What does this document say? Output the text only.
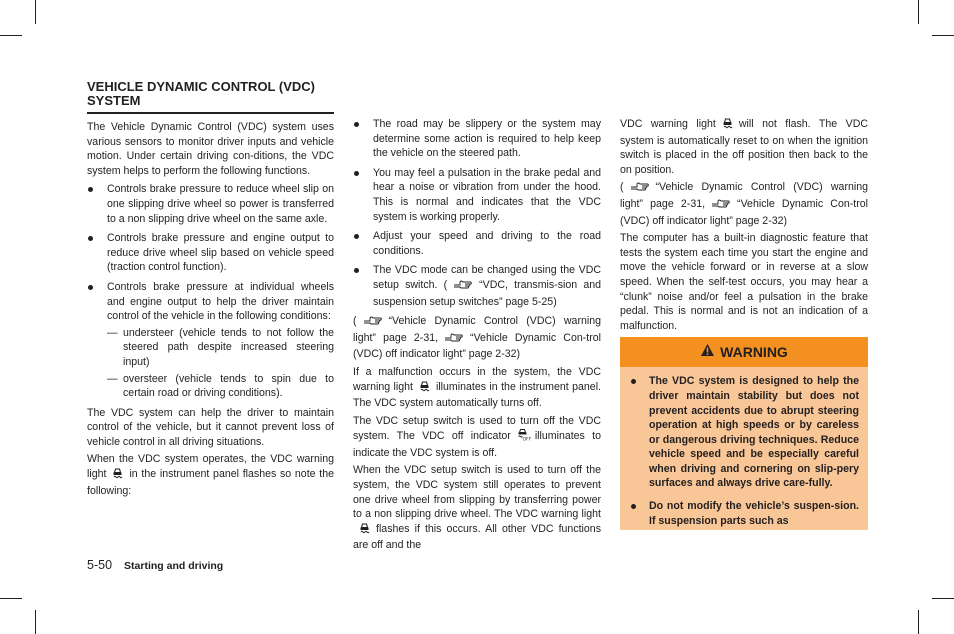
VEHICLE DYNAMIC CONTROL (VDC) SYSTEM

The Vehicle Dynamic Control (VDC) system uses various sensors to monitor driver inputs and vehicle motion. Under certain driving con-ditions, the VDC system helps to perform the following functions.

Controls brake pressure to reduce wheel slip on one slipping drive wheel so power is transferred to a non slipping drive wheel on the same axle.
Controls brake pressure and engine output to reduce drive wheel slip based on vehicle speed (traction control function).
Controls brake pressure at individual wheels and engine output to help the driver maintain control of the vehicle in the following conditions:
— understeer (vehicle tends to not follow the steered path despite increased steering input)
— oversteer (vehicle tends to spin due to certain road or driving conditions).

The VDC system can help the driver to maintain control of the vehicle, but it cannot prevent loss of vehicle control in all driving situations.

When the VDC system operates, the VDC warning light in the instrument panel flashes so note the following:

The road may be slippery or the system may determine some action is required to help keep the vehicle on the steered path.
You may feel a pulsation in the brake pedal and hear a noise or vibration from under the hood. This is normal and indicates that the VDC system is working properly.
Adjust your speed and driving to the road conditions.
The VDC mode can be changed using the VDC setup switch. (	“VDC, transmis-sion and suspension setup switches” page 5-25)

(	“Vehicle Dynamic Control (VDC) warning light” page 2-31,	“Vehicle Dynamic Con-trol (VDC) off indicator light” page 2-32)

If a malfunction occurs in the system, the VDC warning light illuminates in the instrument panel. The VDC system automatically turns off.

The VDC setup switch is used to turn off the VDC system. The VDC off indicator	OFF illuminates to indicate the VDC system is off.

When the VDC setup switch is used to turn off the system, the VDC system still operates to prevent one drive wheel from slipping by transferring power to a non slipping drive wheel. The VDC warning lightflashes if this occurs. All other VDC functions are off and the

VDC warning light will not flash. The VDC system is automatically reset to on when the ignition switch is placed in the off position then back to the on position.

(	“Vehicle Dynamic Control (VDC) warning light” page 2-31,	“Vehicle Dynamic Con-trol (VDC) off indicator light” page 2-32)

The computer has a built-in diagnostic feature that tests the system each time you start the engine and move the vehicle forward or in reverse at a slow speed. When the self-test occurs, you may hear a “clunk” noise and/or feel a pulsation in the brake pedal. This is normal and is not an indication of a malfunction.

WARNING
The VDC system is designed to help the driver maintain stability but does not prevent accidents due to abrupt steering operation at high speeds or by careless or dangerous driving techniques. Reduce vehicle speed and be especially careful when driving and cornering on slip-pery surfaces and always drive care-fully.
Do not modify the vehicle’s suspen-sion. If suspension parts such as
5-50 Starting and driving
